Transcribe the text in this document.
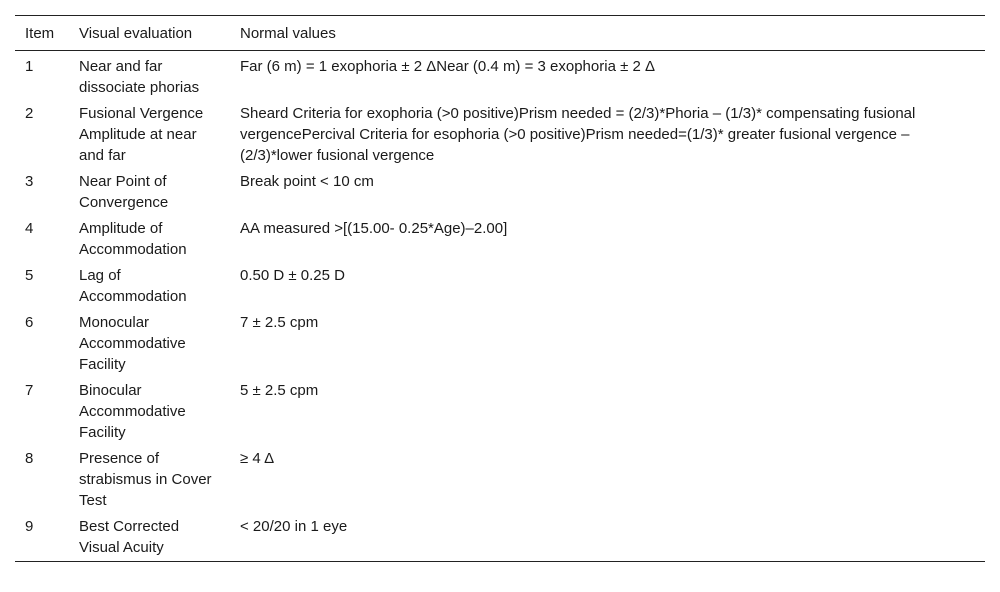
Item	Visual evaluation	Normal values
1	Near and far dissociate phorias	Far (6 m) = 1 exophoria ± 2 ΔNear (0.4 m) = 3 exophoria ± 2 Δ
2	Fusional Vergence Amplitude at near and far	Sheard Criteria for exophoria (>0 positive)Prism needed = (2/3)*Phoria – (1/3)* compensating fusional vergencePercival Criteria for esophoria (>0 positive)Prism needed=(1/3)* greater fusional vergence – (2/3)*lower fusional vergence
3	Near Point of Convergence	Break point < 10 cm
4	Amplitude of Accommodation	AA measured >[(15.00- 0.25*Age)–2.00]
5	Lag of Accommodation	0.50 D ± 0.25 D
6	Monocular Accommodative Facility	7 ± 2.5 cpm
7	Binocular Accommodative Facility	5 ± 2.5 cpm
8	Presence of strabismus in Cover Test	≥ 4 Δ
9	Best Corrected Visual Acuity	< 20/20 in 1 eye
